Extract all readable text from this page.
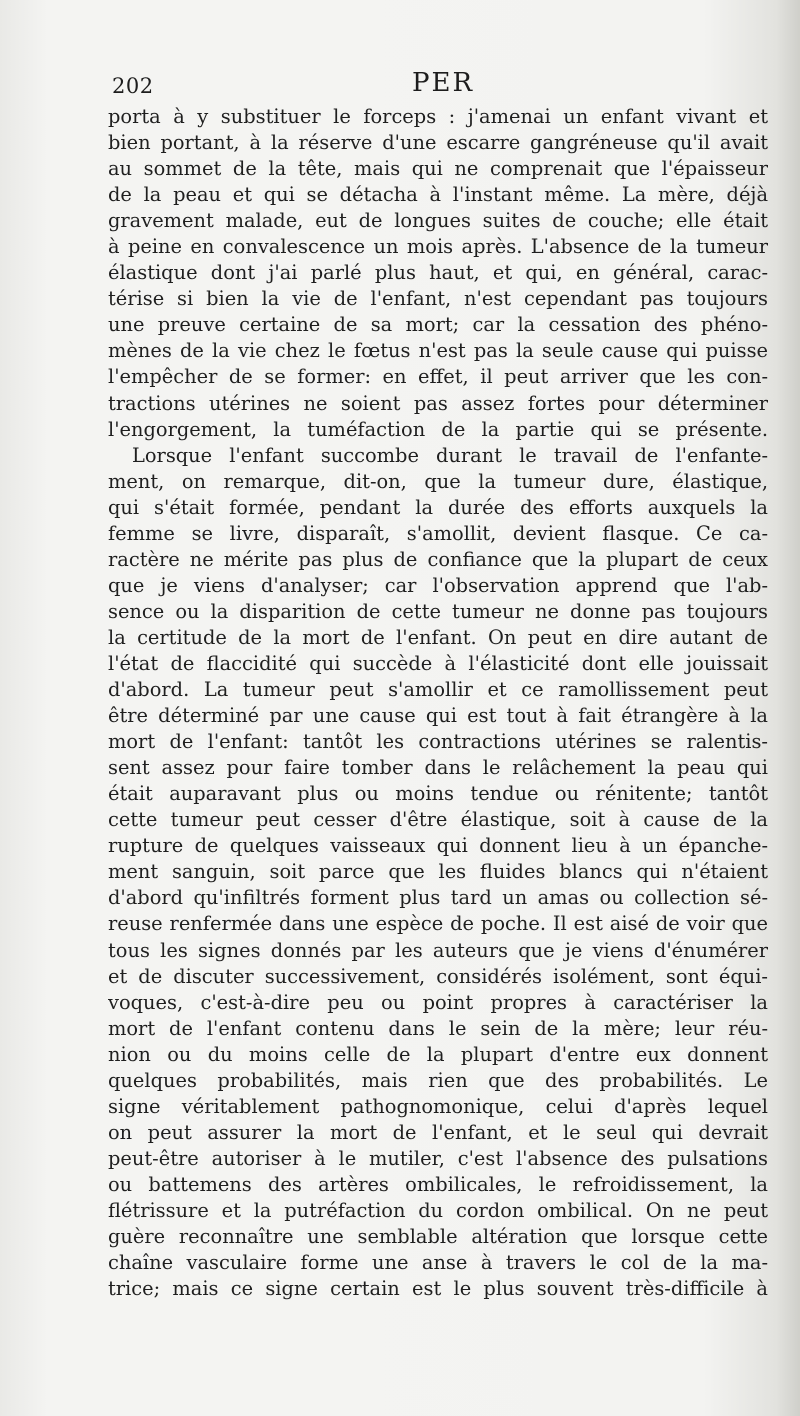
202	PER
porta à y substituer le forceps : j'amenai un enfant vivant et
bien portant, à la réserve d'une escarre gangréneuse qu'il avait
au sommet de la tête, mais qui ne comprenait que l'épaisseur
de la peau et qui se détacha à l'instant même. La mère, déjà
gravement malade, eut de longues suites de couche; elle était
à peine en convalescence un mois après. L'absence de la tumeur
élastique dont j'ai parlé plus haut, et qui, en général, carac-
térise si bien la vie de l'enfant, n'est cependant pas toujours
une preuve certaine de sa mort; car la cessation des phéno-
mènes de la vie chez le fœtus n'est pas la seule cause qui puisse
l'empêcher de se former: en effet, il peut arriver que les con-
tractions utérines ne soient pas assez fortes pour déterminer
l'engorgement, la tuméfaction de la partie qui se présente.
Lorsque l'enfant succombe durant le travail de l'enfante-
ment, on remarque, dit-on, que la tumeur dure, élastique,
qui s'était formée, pendant la durée des efforts auxquels la
femme se livre, disparaît, s'amollit, devient flasque. Ce ca-
ractère ne mérite pas plus de confiance que la plupart de ceux
que je viens d'analyser; car l'observation apprend que l'ab-
sence ou la disparition de cette tumeur ne donne pas toujours
la certitude de la mort de l'enfant. On peut en dire autant de
l'état de flaccidité qui succède à l'élasticité dont elle jouissait
d'abord. La tumeur peut s'amollir et ce ramollissement peut
être déterminé par une cause qui est tout à fait étrangère à la
mort de l'enfant: tantôt les contractions utérines se ralentis-
sent assez pour faire tomber dans le relâchement la peau qui
était auparavant plus ou moins tendue ou rénitente; tantôt
cette tumeur peut cesser d'être élastique, soit à cause de la
rupture de quelques vaisseaux qui donnent lieu à un épanche-
ment sanguin, soit parce que les fluides blancs qui n'étaient
d'abord qu'infiltrés forment plus tard un amas ou collection sé-
reuse renfermée dans une espèce de poche. Il est aisé de voir que
tous les signes donnés par les auteurs que je viens d'énumérer
et de discuter successivement, considérés isolément, sont équi-
voques, c'est-à-dire peu ou point propres à caractériser la
mort de l'enfant contenu dans le sein de la mère; leur réu-
nion ou du moins celle de la plupart d'entre eux donnent
quelques probabilités, mais rien que des probabilités. Le
signe véritablement pathognomonique, celui d'après lequel
on peut assurer la mort de l'enfant, et le seul qui devrait
peut-être autoriser à le mutiler, c'est l'absence des pulsations
ou battemens des artères ombilicales, le refroidissement, la
flétrissure et la putréfaction du cordon ombilical. On ne peut
guère reconnaître une semblable altération que lorsque cette
chaîne vasculaire forme une anse à travers le col de la ma-
trice; mais ce signe certain est le plus souvent très-difficile à
